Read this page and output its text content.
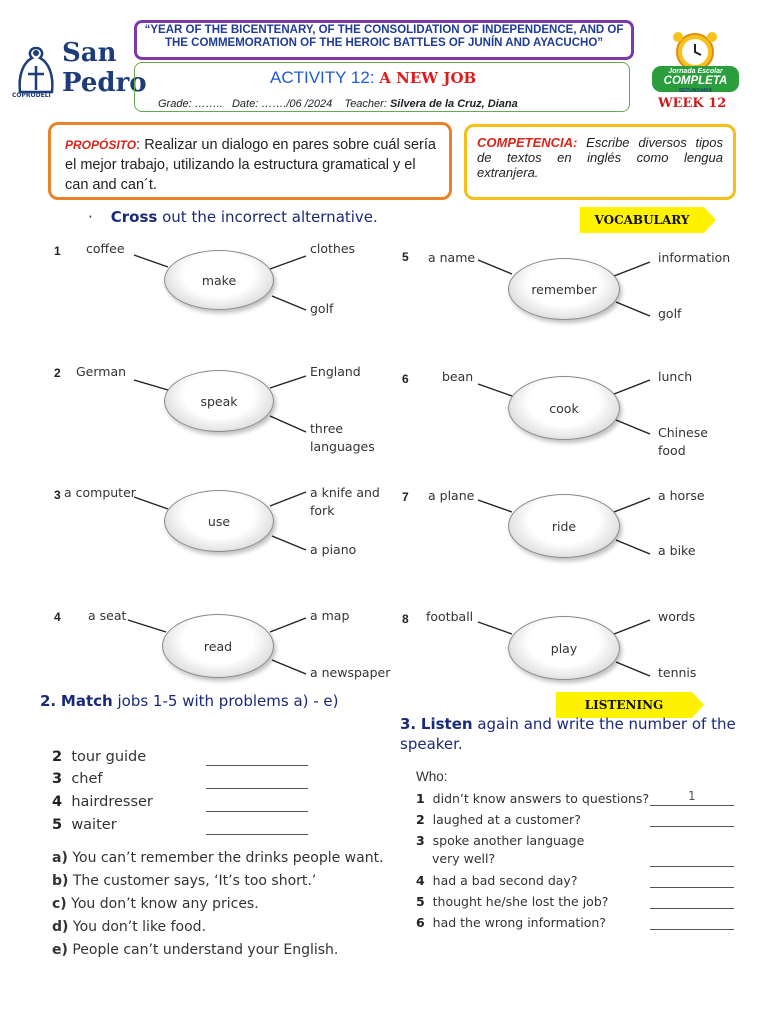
San
Pedro
COPRODELI
“YEAR OF THE BICENTENARY, OF THE CONSOLIDATION OF INDEPENDENCE, AND OF THE COMMEMORATION OF THE HEROIC BATTLES OF JUNÍN AND AYACUCHO”
ACTIVITY 12: A NEW JOB
Grade: …….. Date: ……./06 /2024 Teacher: Silvera de la Cruz, Diana
Jornada Escolar
COMPLETA
SECUNDARIA
WEEK 12
PROPÓSITO: Realizar un dialogo en pares sobre cuál sería el mejor trabajo, utilizando la estructura gramatical y el can and can´t.
COMPETENCIA: Escribe diversos tipos de textos en inglés como lengua extranjera.
· Cross out the incorrect alternative.	VOCABULARY
1 coffee
make
clothes
golf
2 German
speak
England
three languages
3 a computer
use
a knife and fork
a piano
4 a seat
read
a map
a newspaper
5 a name
remember
information
golf
6	bean
cook
lunch
Chinese food
7 a plane
ride
a horse
a bike
8 football
play
words
tennis
2. Match jobs 1-5 with problems a) - e)
2 tour guide
3 chef
4 hairdresser
5 waiter
a) You can’t remember the drinks people want.
b) The customer says, ‘It’s too short.’
c) You don’t know any prices.
d) You don’t like food.
e) People can’t understand your English.
LISTENING
3. Listen again and write the number of the speaker.
Who:
1 didn’t know answers to questions?	1
2 laughed at a customer?
3 spoke another language
very well?
4 had a bad second day?
5 thought he/she lost the job?
6 had the wrong information?
